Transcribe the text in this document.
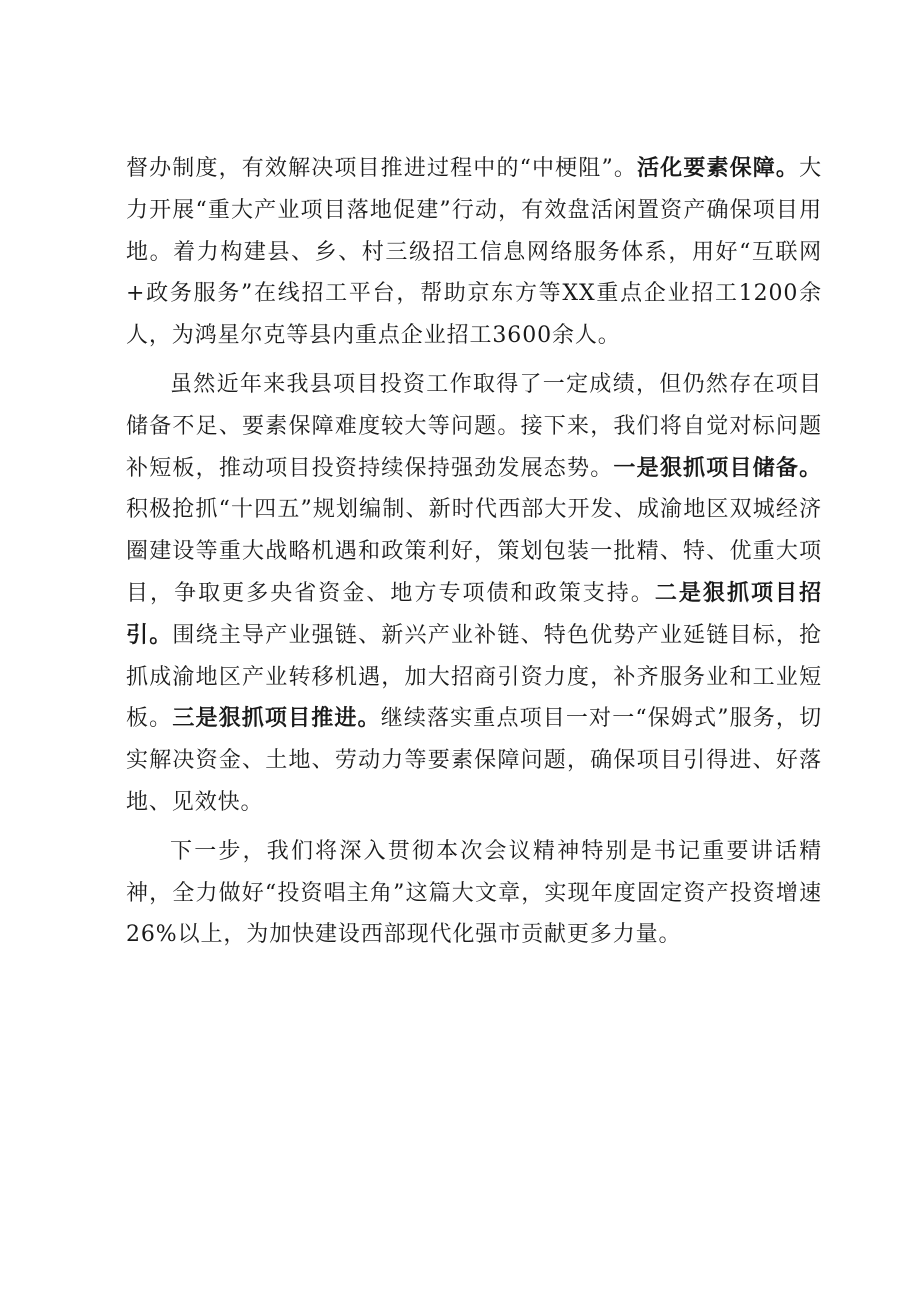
督办制度，有效解决项目推进过程中的“中梗阻”。活化要素保障。大力开展“重大产业项目落地促建”行动，有效盘活闲置资产确保项目用地。着力构建县、乡、村三级招工信息网络服务体系，用好“互联网+政务服务”在线招工平台，帮助京东方等XX重点企业招工1200余人，为鸿星尔克等县内重点企业招工3600余人。

虽然近年来我县项目投资工作取得了一定成绩，但仍然存在项目储备不足、要素保障难度较大等问题。接下来，我们将自觉对标问题补短板，推动项目投资持续保持强劲发展态势。一是狠抓项目储备。积极抢抓“十四五”规划编制、新时代西部大开发、成渝地区双城经济圈建设等重大战略机遇和政策利好，策划包装一批精、特、优重大项目，争取更多央省资金、地方专项债和政策支持。二是狠抓项目招引。围绕主导产业强链、新兴产业补链、特色优势产业延链目标，抢抓成渝地区产业转移机遇，加大招商引资力度，补齐服务业和工业短板。三是狠抓项目推进。继续落实重点项目一对一“保姆式”服务，切实解决资金、土地、劳动力等要素保障问题，确保项目引得进、好落地、见效快。

下一步，我们将深入贯彻本次会议精神特别是书记重要讲话精神，全力做好“投资唱主角”这篇大文章，实现年度固定资产投资增速26%以上，为加快建设西部现代化强市贡献更多力量。
